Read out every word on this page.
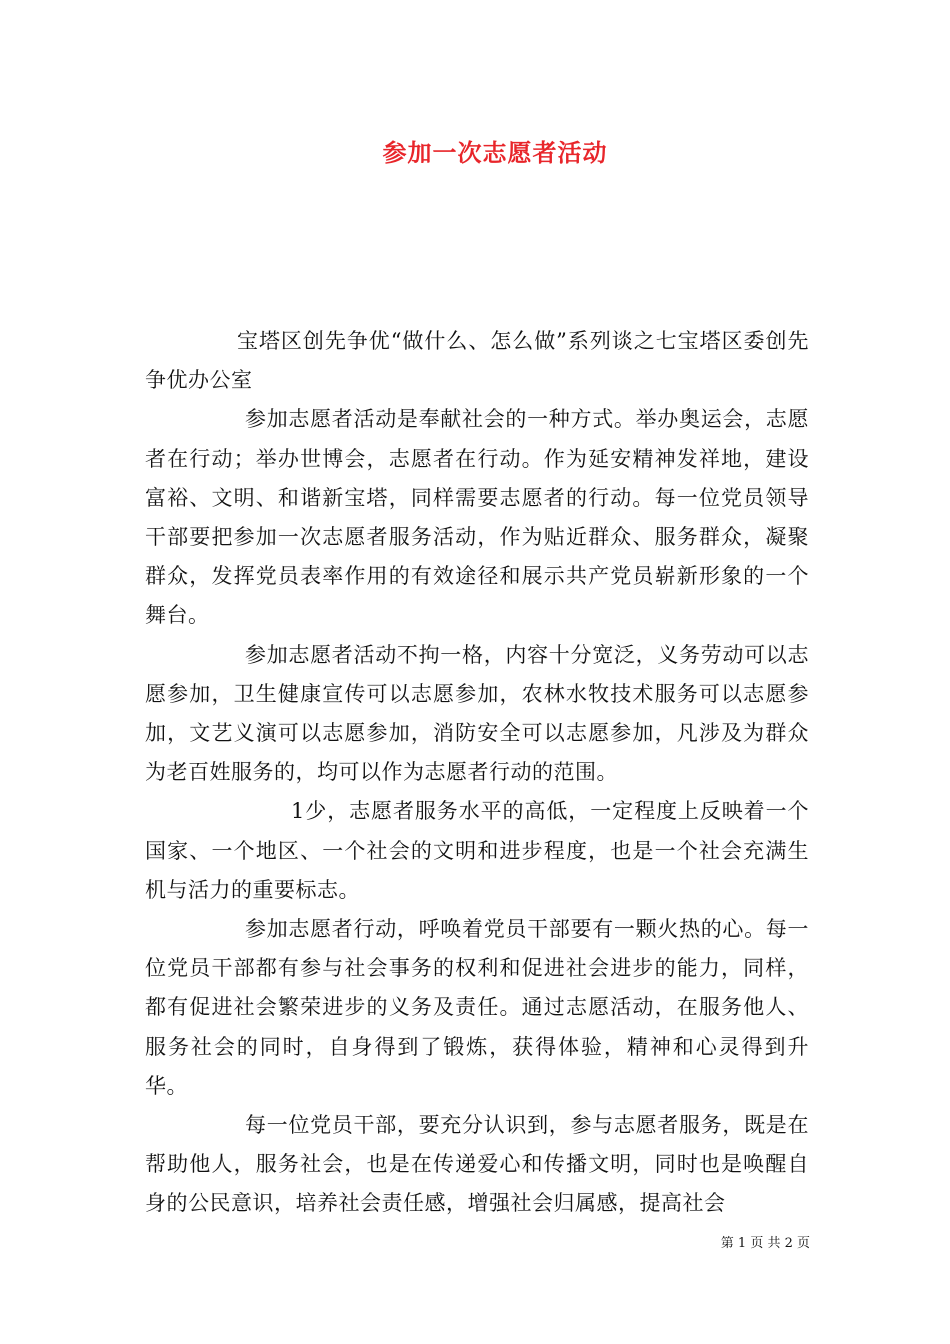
参加一次志愿者活动

宝塔区创先争优“做什么、怎么做”系列谈之七宝塔区委创先争优办公室

参加志愿者活动是奉献社会的一种方式。举办奥运会，志愿者在行动；举办世博会，志愿者在行动。作为延安精神发祥地，建设富裕、文明、和谐新宝塔，同样需要志愿者的行动。每一位党员领导干部要把参加一次志愿者服务活动，作为贴近群众、服务群众，凝聚群众，发挥党员表率作用的有效途径和展示共产党员崭新形象的一个舞台。

参加志愿者活动不拘一格，内容十分宽泛，义务劳动可以志愿参加，卫生健康宣传可以志愿参加，农林水牧技术服务可以志愿参加，文艺义演可以志愿参加，消防安全可以志愿参加，凡涉及为群众为老百姓服务的，均可以作为志愿者行动的范围。

1少，志愿者服务水平的高低，一定程度上反映着一个国家、一个地区、一个社会的文明和进步程度，也是一个社会充满生机与活力的重要标志。

参加志愿者行动，呼唤着党员干部要有一颗火热的心。每一位党员干部都有参与社会事务的权利和促进社会进步的能力，同样，都有促进社会繁荣进步的义务及责任。通过志愿活动，在服务他人、服务社会的同时，自身得到了锻炼，获得体验，精神和心灵得到升华。

每一位党员干部，要充分认识到，参与志愿者服务，既是在帮助他人，服务社会，也是在传递爱心和传播文明，同时也是唤醒自身的公民意识，培养社会责任感，增强社会归属感，提高社会

第 1 页 共 2 页
